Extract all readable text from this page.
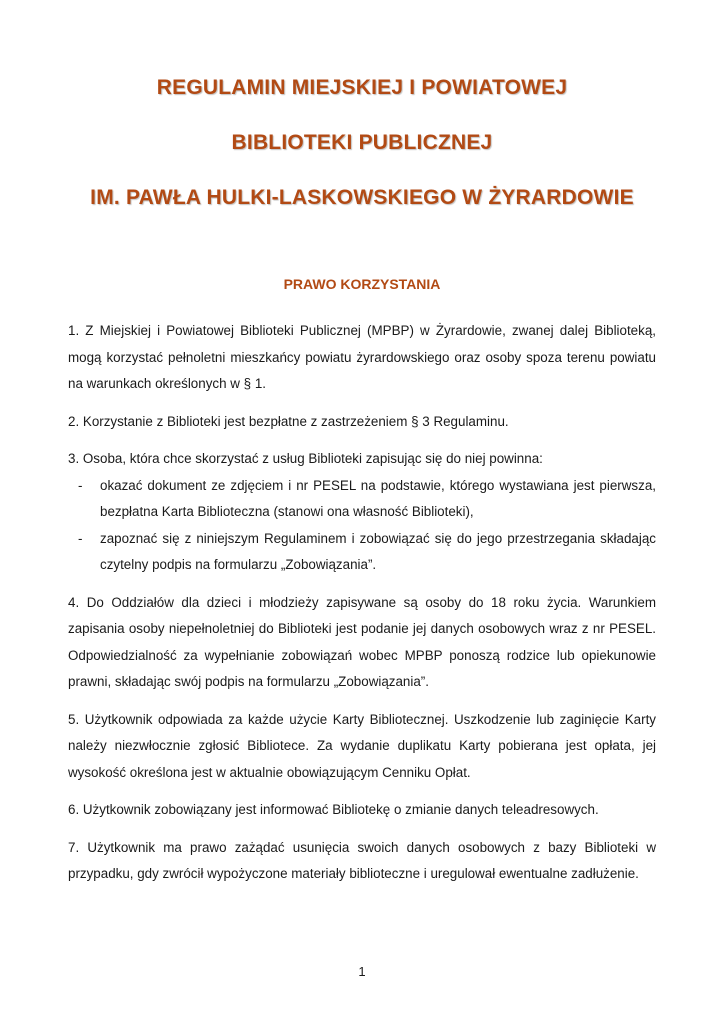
REGULAMIN MIEJSKIEJ I POWIATOWEJ

BIBLIOTEKI PUBLICZNEJ

IM. PAWŁA HULKI-LASKOWSKIEGO W ŻYRARDOWIE

PRAWO KORZYSTANIA

1. Z Miejskiej i Powiatowej Biblioteki Publicznej (MPBP) w Żyrardowie, zwanej dalej Biblioteką, mogą korzystać pełnoletni mieszkańcy powiatu żyrardowskiego oraz osoby spoza terenu powiatu na warunkach określonych w § 1.

2. Korzystanie z Biblioteki jest bezpłatne z zastrzeżeniem § 3 Regulaminu.

3. Osoba, która chce skorzystać z usług Biblioteki zapisując się do niej powinna:

- okazać dokument ze zdjęciem i nr PESEL na podstawie, którego wystawiana jest pierwsza, bezpłatna Karta Biblioteczna (stanowi ona własność Biblioteki),
- zapoznać się z niniejszym Regulaminem i zobowiązać się do jego przestrzegania składając czytelny podpis na formularzu „Zobowiązania”.

4. Do Oddziałów dla dzieci i młodzieży zapisywane są osoby do 18 roku życia. Warunkiem zapisania osoby niepełnoletniej do Biblioteki jest podanie jej danych osobowych wraz z nr PESEL. Odpowiedzialność za wypełnianie zobowiązań wobec MPBP ponoszą rodzice lub opiekunowie prawni, składając swój podpis na formularzu „Zobowiązania”.

5. Użytkownik odpowiada za każde użycie Karty Bibliotecznej. Uszkodzenie lub zaginięcie Karty należy niezwłocznie zgłosić Bibliotece. Za wydanie duplikatu Karty pobierana jest opłata, jej wysokość określona jest w aktualnie obowiązującym Cenniku Opłat.

6. Użytkownik zobowiązany jest informować Bibliotekę o zmianie danych teleadresowych.

7. Użytkownik ma prawo zażądać usunięcia swoich danych osobowych z bazy Biblioteki w przypadku, gdy zwrócił wypożyczone materiały biblioteczne i uregulował ewentualne zadłużenie.

1
